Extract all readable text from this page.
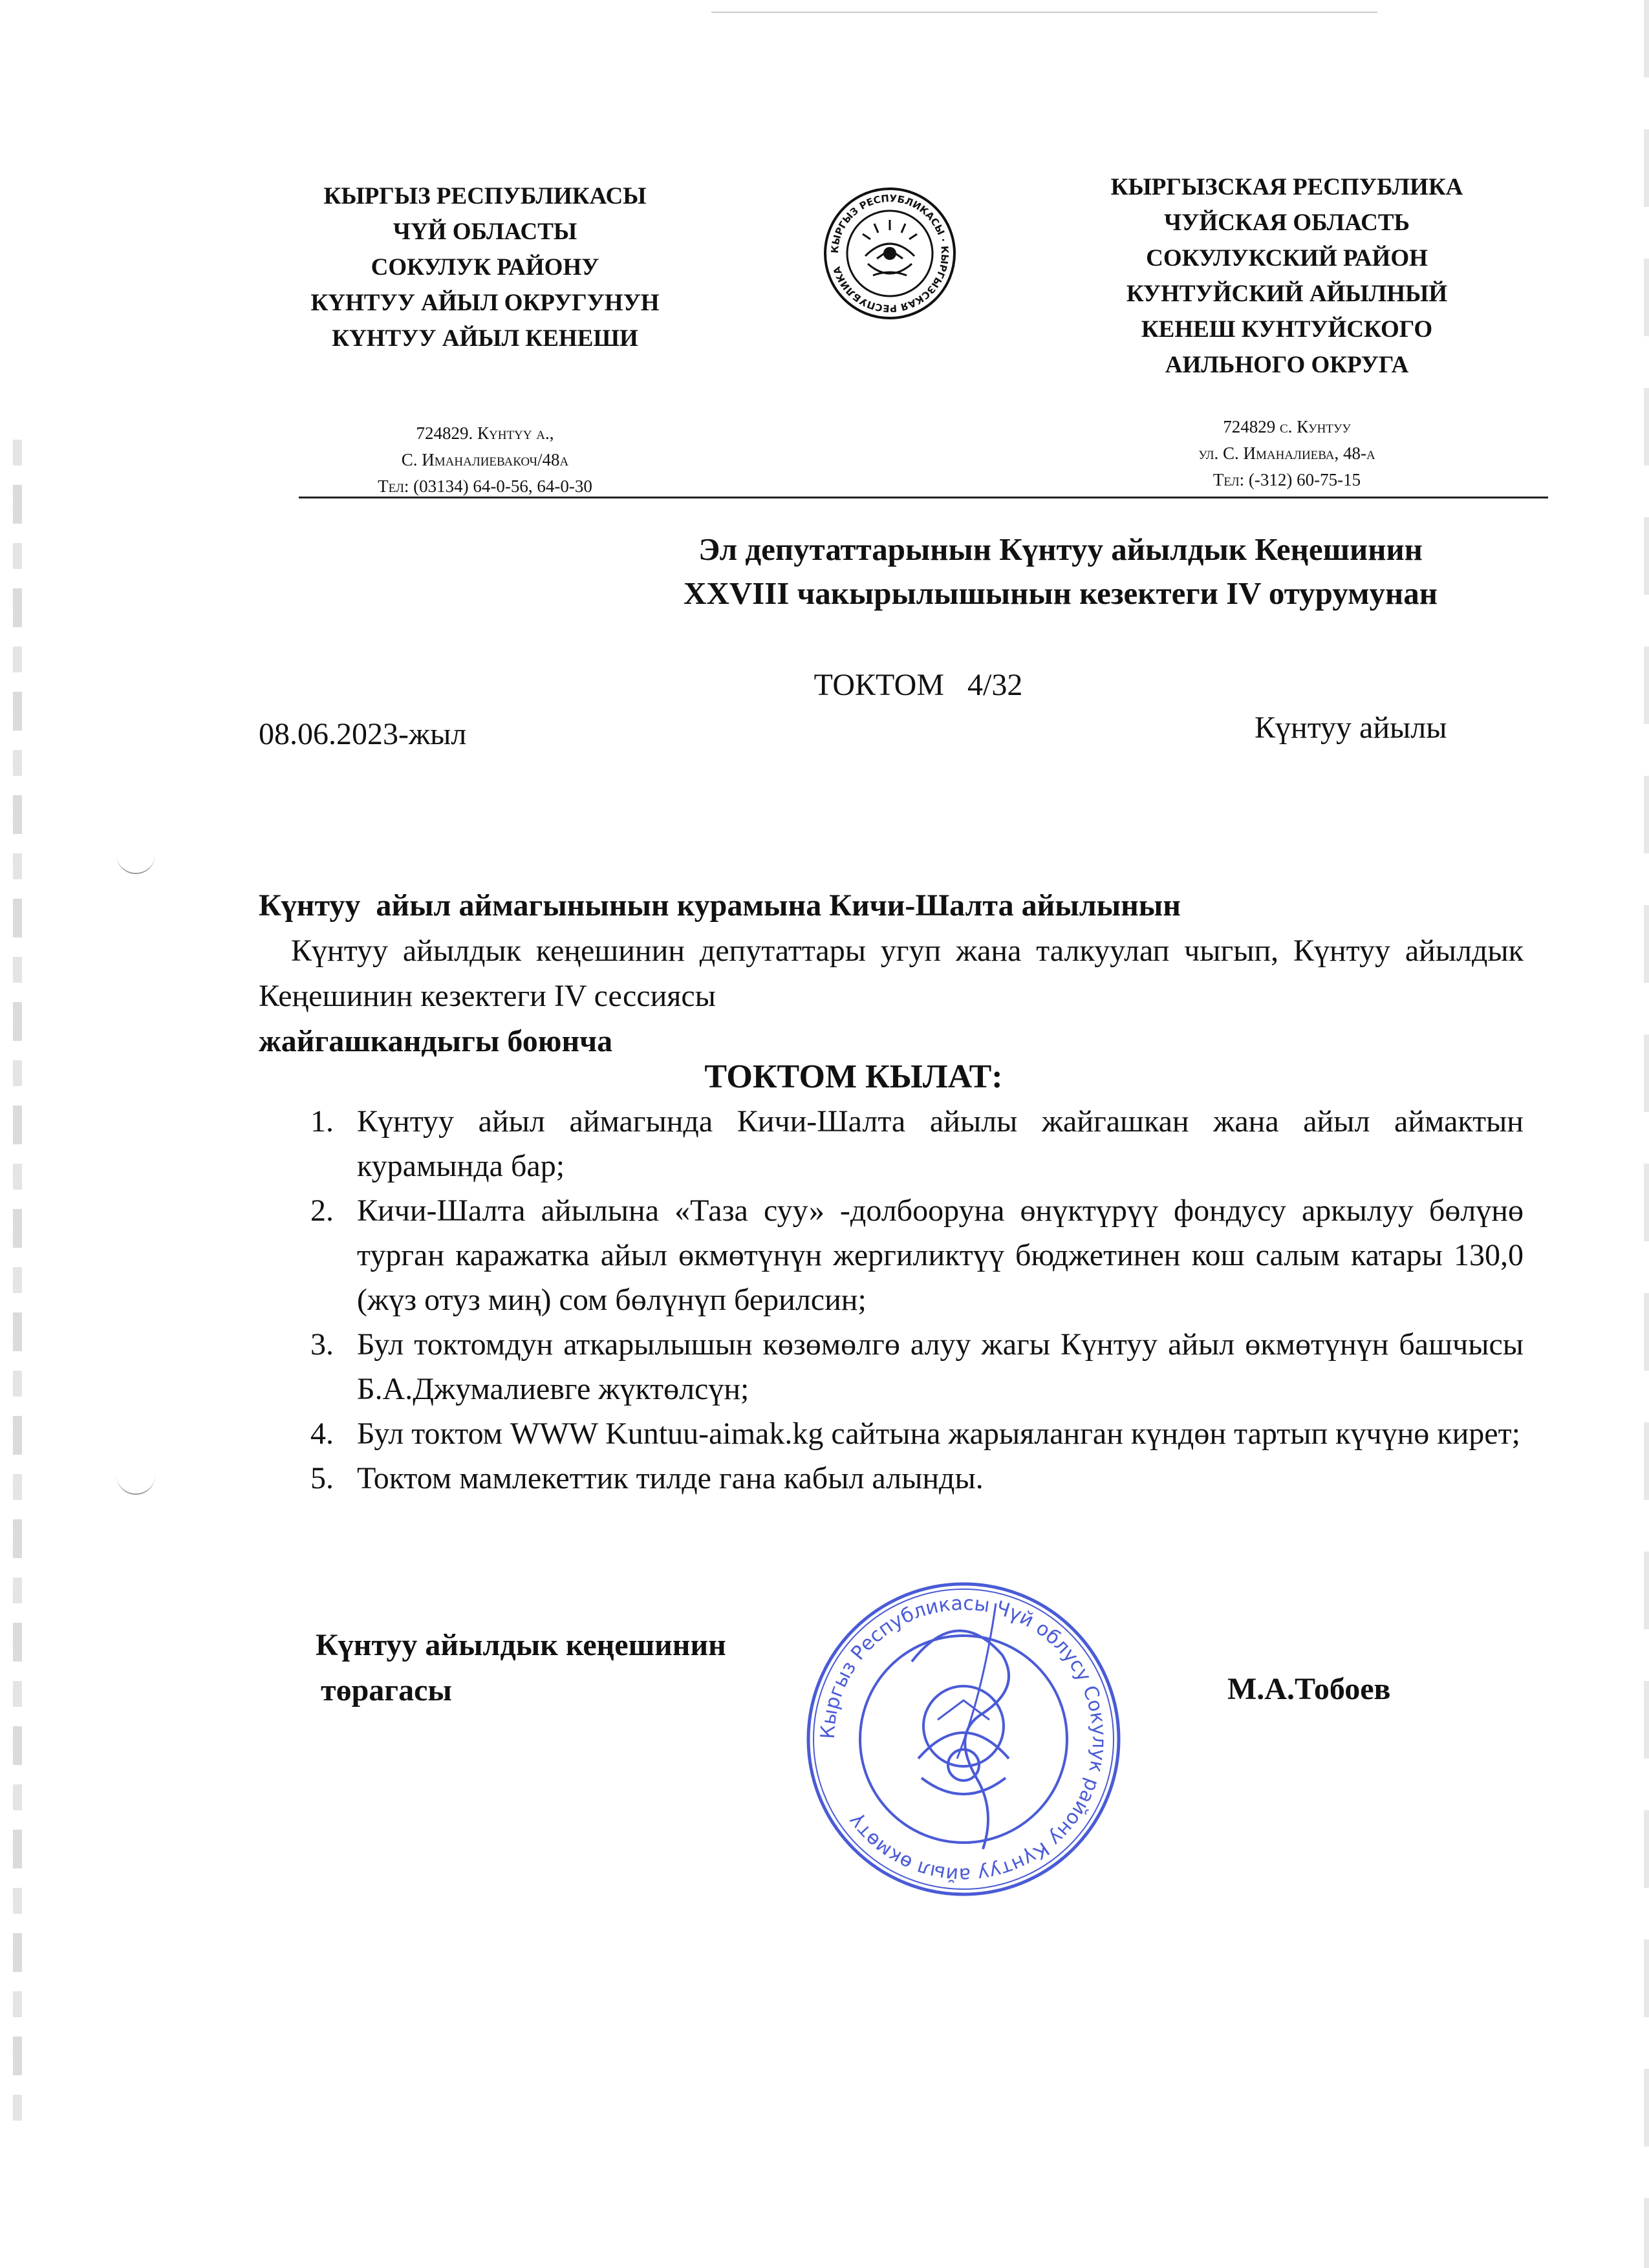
КЫРГЫЗ РЕСПУБЛИКАСЫ
ЧҮЙ ОБЛАСТЫ
СОКУЛУК РАЙОНУ
КҮНТУУ АЙЫЛ ОКРУГУНУН
КҮНТУУ АЙЫЛ КЕНЕШИ
КЫРГЫЗ РЕСПУБЛИКАСЫ · КЫРГЫЗСКАЯ РЕСПУБЛИКА
КЫРГЫЗСКАЯ РЕСПУБЛИКА
ЧУЙСКАЯ ОБЛАСТЬ
СОКУЛУКСКИЙ РАЙОН
КУНТУЙСКИЙ АЙЫЛНЫЙ
КЕНЕШ КУНТУЙСКОГО
АИЛЬНОГО ОКРУГА
724829. Күнтүү а.,
С. Иманалиевакоч/48а
Тел: (03134) 64-0-56, 64-0-30
724829 с. Кунтуу
ул. С. Иманалиева, 48-а
Тел: (-312) 60-75-15
Эл депутаттарынын Күнтуу айылдык Кеңешинин
XXVIII чакырылышынын кезектеги IV отурумунан
ТОКТОМ   4/32
08.06.2023-жыл	Күнтуу айылы

Күнтуу  айыл аймагынынын курамына Кичи-Шалта айылынын

жайгашкандыгы боюнча

Күнтуу айылдык кеңешинин депутаттары угуп жана талкуулап чыгып, Күнтуу айылдык Кеңешинин кезектеги IV сессиясы
ТОКТОМ КЫЛАТ:
1. Күнтуу айыл аймагында Кичи-Шалта айылы жайгашкан жана айыл аймактын курамында бар;
2. Кичи-Шалта айылына «Таза суу» -долбооруна өнүктүрүү фондусу аркылуу бөлүнө турган каражатка айыл өкмөтүнүн жергиликтүү бюджетинен кош салым катары 130,0 (жүз отуз миң) сом бөлүнүп берилсин;
3. Бул токтомдун аткарылышын көзөмөлгө алуу жагы Күнтуу айыл өкмөтүнүн башчысы Б.А.Джумалиевге жүктөлсүн;
4. Бул токтом WWW Kuntuu-aimak.kg сайтына жарыяланган күндөн тартып күчүнө кирет;
5. Токтом мамлекеттик тилде гана кабыл алынды.
Күнтуу айылдык кеңешинин
төрагасы	М.А.Тобоев
Кыргыз Республикасы Чүй облусу Сокулук району Күнтуу айыл өкмөтү
